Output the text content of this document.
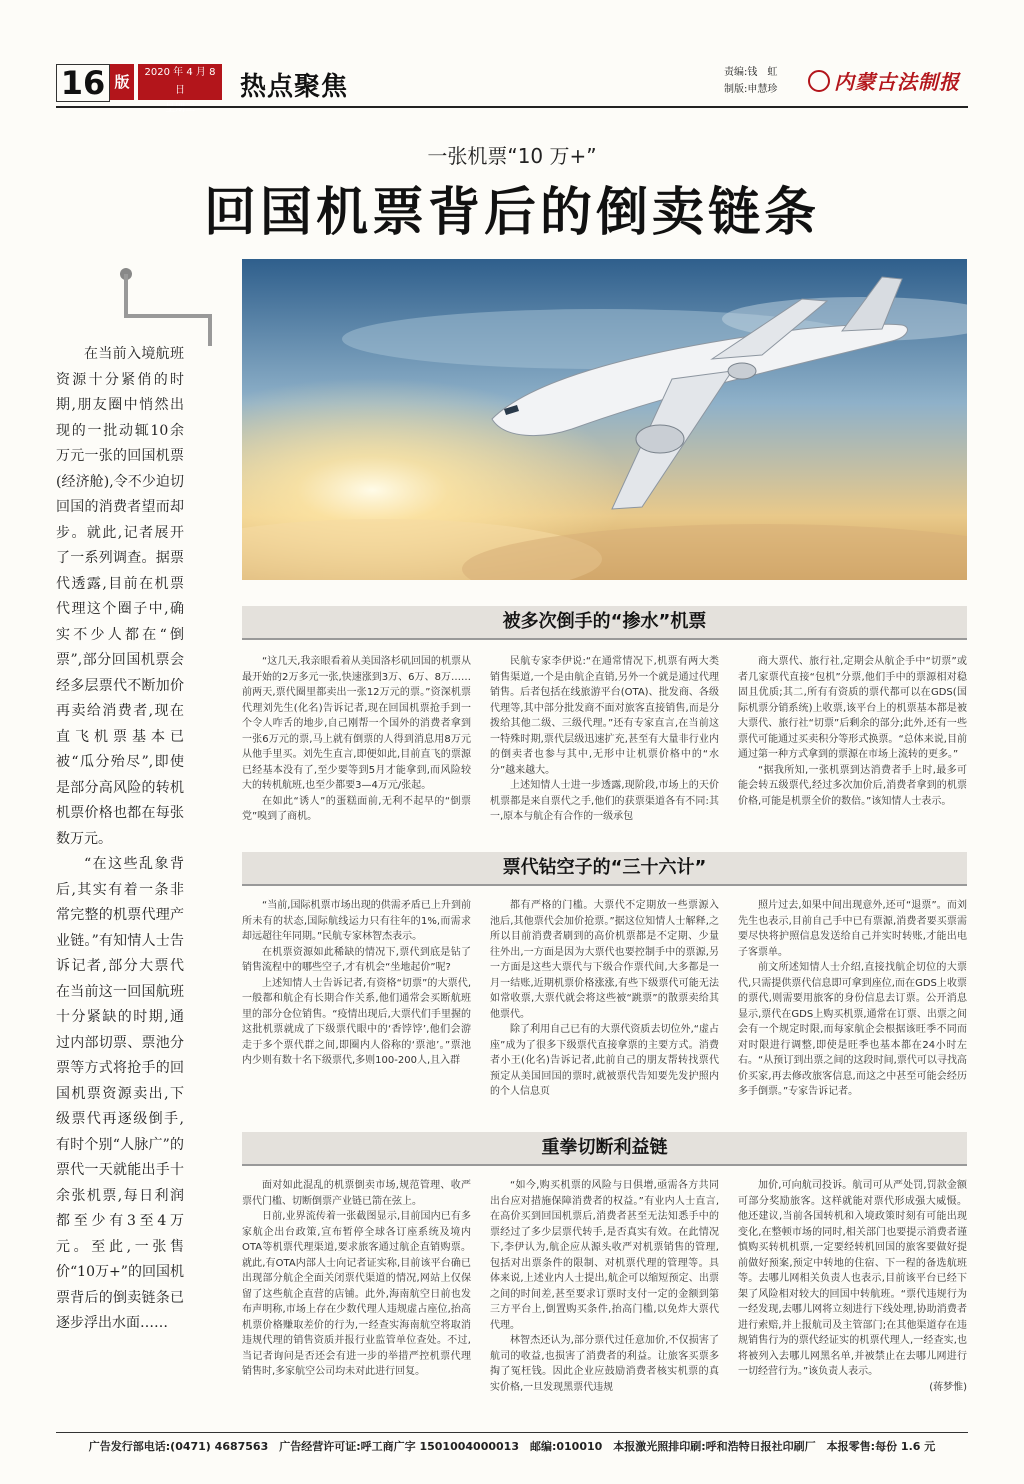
16 版
2020 年 4 月 8 日
星期三
热点聚焦	责编:钱　虹
制版:申慧珍	内蒙古法制报
一张机票“10 万+”
回国机票背后的倒卖链条

在当前入境航班资源十分紧俏的时期,朋友圈中悄然出现的一批动辄10余万元一张的回国机票(经济舱),令不少迫切回国的消费者望而却步。就此,记者展开了一系列调查。据票代透露,目前在机票代理这个圈子中,确实不少人都在“倒票”,部分回国机票会经多层票代不断加价再卖给消费者,现在直飞机票基本已被“瓜分殆尽”,即使是部分高风险的转机机票价格也都在每张数万元。

“在这些乱象背后,其实有着一条非常完整的机票代理产业链。”有知情人士告诉记者,部分大票代在当前这一回国航班十分紧缺的时期,通过内部切票、票池分票等方式将抢手的回国机票资源卖出,下级票代再逐级倒手,有时个别“人脉广”的票代一天就能出手十余张机票,每日利润都至少有3至4万元。至此,一张售价“10万+”的回国机票背后的倒卖链条已逐步浮出水面……

被多次倒手的“掺水”机票

“这几天,我亲眼看着从美国洛杉矶回国的机票从最开始的2万多元一张,快速涨到3万、6万、8万……前两天,票代圈里都卖出一张12万元的票。”资深机票代理刘先生(化名)告诉记者,现在回国机票抢手到一个令人咋舌的地步,自己刚帮一个国外的消费者拿到一张6万元的票,马上就有倒票的人得到消息用8万元从他手里买。刘先生直言,即便如此,目前直飞的票源已经基本没有了,至少要等到5月才能拿到,而风险较大的转机航班,也至少都要3—4万元/张起。

在如此“诱人”的蛋糕面前,无利不起早的“倒票党”嗅到了商机。

民航专家李伊说:“在通常情况下,机票有两大类销售渠道,一个是由航企直销,另外一个就是通过代理销售。后者包括在线旅游平台(OTA)、批发商、各级代理等,其中部分批发商不面对旅客直接销售,而是分拨给其他二级、三级代理。”还有专家直言,在当前这一特殊时期,票代层级迅速扩充,甚至有大量非行业内的倒卖者也参与其中,无形中让机票价格中的“水分”越来越大。

上述知情人士进一步透露,现阶段,市场上的天价机票都是来自票代之手,他们的获票渠道各有不同:其一,原本与航企有合作的一级承包

商大票代、旅行社,定期会从航企手中“切票”或者几家票代直接“包机”分票,他们手中的票源相对稳固且优质;其二,所有有资质的票代都可以在GDS(国际机票分销系统)上收票,该平台上的机票基本都是被大票代、旅行社“切票”后剩余的部分;此外,还有一些票代可能通过买卖积分等形式换票。“总体来说,目前通过第一种方式拿到的票源在市场上流转的更多。”

“据我所知,一张机票到达消费者手上时,最多可能会转五级票代,经过多次加价后,消费者拿到的机票价格,可能是机票全价的数倍。”该知情人士表示。

票代钻空子的“三十六计”

“当前,国际机票市场出现的供需矛盾已上升到前所未有的状态,国际航线运力只有往年的1%,而需求却远超往年同期。”民航专家林智杰表示。

在机票资源如此稀缺的情况下,票代到底是钻了销售流程中的哪些空子,才有机会“坐地起价”呢?

上述知情人士告诉记者,有资格“切票”的大票代,一般都和航企有长期合作关系,他们通常会买断航班里的部分仓位销售。“疫情出现后,大票代们手里握的这批机票就成了下级票代眼中的‘香饽饽’,他们会游走于多个票代群之间,即圈内人俗称的‘票池’。”票池内少则有数十名下级票代,多则100-200人,且入群

都有严格的门槛。大票代不定期放一些票源入池后,其他票代会加价抢票。”据这位知情人士解释,之所以目前消费者刷到的高价机票都是不定期、少量往外出,一方面是因为大票代也要控制手中的票源,另一方面是这些大票代与下级合作票代间,大多都是一月一结账,近期机票价格涨涨,有些下级票代可能无法如常收票,大票代就会将这些被“跳票”的散票卖给其他票代。

除了利用自己已有的大票代资质去切位外,“虚占座”成为了很多下级票代直接拿票的主要方式。消费者小王(化名)告诉记者,此前自己的朋友帮转找票代预定从美国回国的票时,就被票代告知要先发护照内的个人信息页

照片过去,如果中间出现意外,还可“退票”。而刘先生也表示,目前自己手中已有票源,消费者要买票需要尽快将护照信息发送给自己并实时转账,才能出电子客票单。

前文所述知情人士介绍,直接找航企切位的大票代,只需提供票代信息即可拿到座位,而在GDS上收票的票代,则需要用旅客的身份信息去订票。公开消息显示,票代在GDS上购买机票,通常在订票、出票之间会有一个规定时限,而每家航企会根据该旺季不同而对时限进行调整,即使是旺季也基本都在24小时左右。“从预订到出票之间的这段时间,票代可以寻找高价买家,再去修改旅客信息,而这之中甚至可能会经历多手倒票。”专家告诉记者。

重拳切断利益链

面对如此混乱的机票倒卖市场,规范管理、收严票代门槛、切断倒票产业链已箭在弦上。

日前,业界流传着一张截图显示,目前国内已有多家航企出台政策,宣布暂停全球各订座系统及境内OTA等机票代理渠道,要求旅客通过航企直销购票。就此,有OTA内部人士向记者证实称,目前该平台确已出现部分航企全面关闭票代渠道的情况,网站上仅保留了这些航企直营的店铺。此外,海南航空日前也发布声明称,市场上存在少数代理人违规虚占座位,抬高机票价格赚取差价的行为,一经查实海南航空将取消违规代理的销售资质并报行业监管单位查处。不过,当记者询问是否还会有进一步的举措严控机票代理销售时,多家航空公司均未对此进行回复。

“如今,购买机票的风险与日俱增,亟需各方共同出台应对措施保障消费者的权益。”有业内人士直言,在高价买到回国机票后,消费者甚至无法知悉手中的票经过了多少层票代转手,是否真实有效。在此情况下,李伊认为,航企应从源头收严对机票销售的管理,包括对出票条件的限制、对机票代理的管理等。具体来说,上述业内人士提出,航企可以缩短预定、出票之间的时间差,甚至要求订票时支付一定的金额到第三方平台上,倒置购买条件,抬高门槛,以免炸大票代代理。

林智杰还认为,部分票代过任意加价,不仅损害了航司的收益,也损害了消费者的利益。让旅客买票多掏了冤枉钱。因此企业应鼓励消费者核实机票的真实价格,一旦发现黑票代违规

加价,可向航司投诉。航司可从严处罚,罚款金额可部分奖励旅客。这样就能对票代形成强大威慑。他还建议,当前各国转机和入境政策时刻有可能出现变化,在整顿市场的同时,相关部门也要提示消费者谨慎购买转机机票,一定要经转机回国的旅客要做好提前做好预案,预定中转地的住宿、下一程的备选航班等。去哪儿网相关负责人也表示,目前该平台已经下架了风险相对较大的回国中转航班。“票代违规行为一经发现,去哪儿网将立刻进行下线处理,协助消费者进行索赔,并上报航司及主管部门;在其他渠道存在违规销售行为的票代经证实的机票代理人,一经查实,也将被列入去哪儿网黑名单,并被禁止在去哪儿网进行一切经营行为。”该负责人表示。

(蒋梦惟)

广告发行部电话:(0471) 4687563　广告经营许可证:呼工商广字 1501004000013　邮编:010010　本报激光照排印刷:呼和浩特日报社印刷厂　本报零售:每份 1.6 元
